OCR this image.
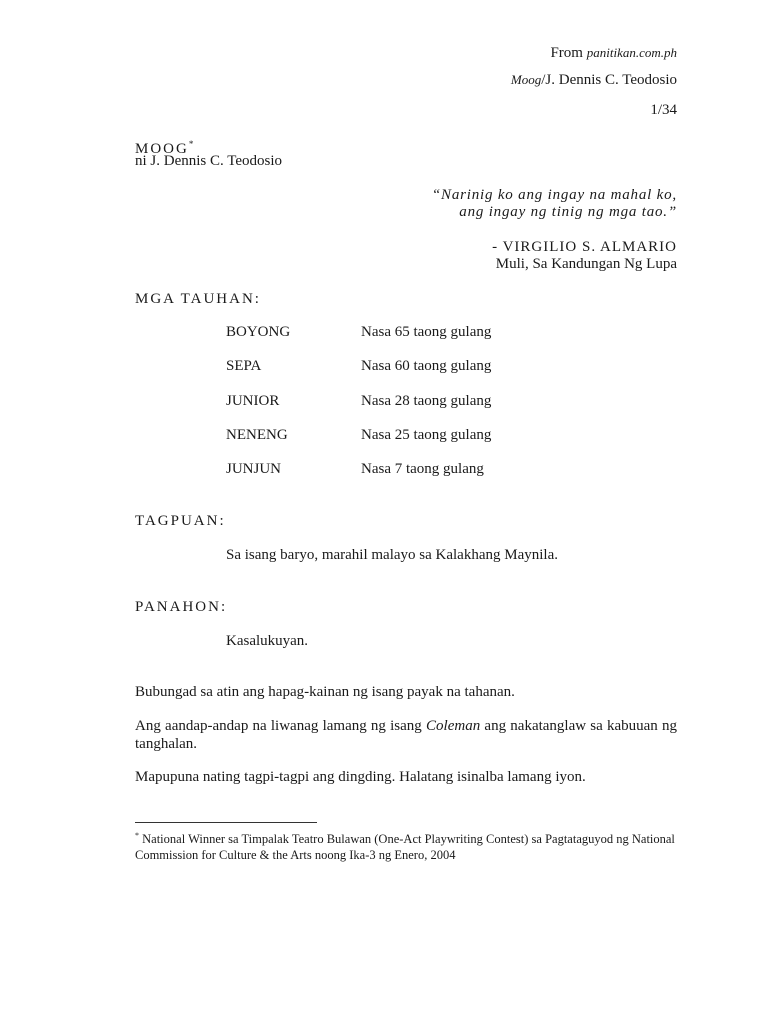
From panitikan.com.ph
Moog/J. Dennis C. Teodosio
1/34
MOOG*
ni J. Dennis C. Teodosio
“Narinig ko ang ingay na mahal ko,
ang ingay ng tinig ng mga tao.”
- VIRGILIO S. ALMARIO
Muli, Sa Kandungan Ng Lupa
MGA TAUHAN:
BOYONG	Nasa 65 taong gulang
SEPA	Nasa 60 taong gulang
JUNIOR	Nasa 28 taong gulang
NENENG	Nasa 25 taong gulang
JUNJUN	Nasa 7 taong gulang
TAGPUAN:
Sa isang baryo, marahil malayo sa Kalakhang Maynila.
PANAHON:
Kasalukuyan.
Bubungad sa atin ang hapag-kainan ng isang payak na tahanan.
Ang aandap-andap na liwanag lamang ng isang Coleman ang nakatanglaw sa kabuuan ng tanghalan.
Mapupuna nating tagpi-tagpi ang dingding. Halatang isinalba lamang iyon.
* National Winner sa Timpalak Teatro Bulawan (One-Act Playwriting Contest) sa Pagtataguyod ng National Commission for Culture & the Arts noong Ika-3 ng Enero, 2004
